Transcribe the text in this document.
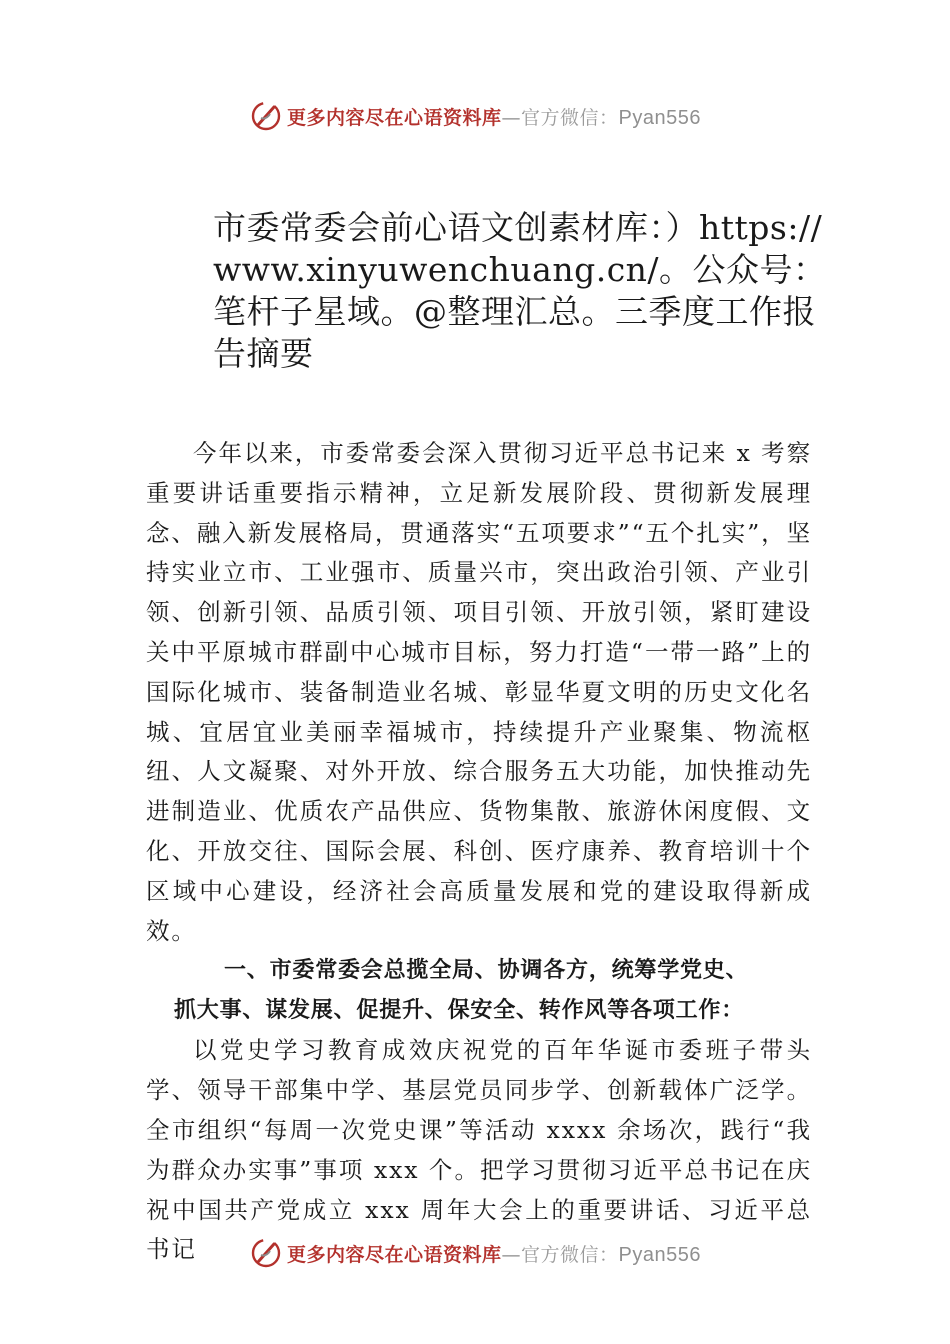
更多内容尽在心语资料库—官方微信：Pyan556
市委常委会前心语文创素材库：）https://www.xinyuwenchuang.cn/。公众号：笔杆子星域。@整理汇总。三季度工作报告摘要

今年以来，市委常委会深入贯彻习近平总书记来 x 考察重要讲话重要指示精神，立足新发展阶段、贯彻新发展理念、融入新发展格局，贯通落实“五项要求”“五个扎实”，坚持实业立市、工业强市、质量兴市，突出政治引领、产业引领、创新引领、品质引领、项目引领、开放引领，紧盯建设关中平原城市群副中心城市目标，努力打造“一带一路”上的国际化城市、装备制造业名城、彰显华夏文明的历史文化名城、宜居宜业美丽幸福城市，持续提升产业聚集、物流枢纽、人文凝聚、对外开放、综合服务五大功能，加快推动先进制造业、优质农产品供应、货物集散、旅游休闲度假、文化、开放交往、国际会展、科创、医疗康养、教育培训十个区域中心建设，经济社会高质量发展和党的建设取得新成效。

一、市委常委会总揽全局、协调各方，统筹学党史、
抓大事、谋发展、促提升、保安全、转作风等各项工作：

以党史学习教育成效庆祝党的百年华诞市委班子带头学、领导干部集中学、基层党员同步学、创新载体广泛学。 全市组织“每周一次党史课”等活动 xxxx 余场次，践行“我为群众办实事”事项 xxx 个。把学习贯彻习近平总书记在庆祝中国共产党成立 xxx 周年大会上的重要讲话、习近平总书记	更多内容尽在心语资料库—官方微信：Pyan556
